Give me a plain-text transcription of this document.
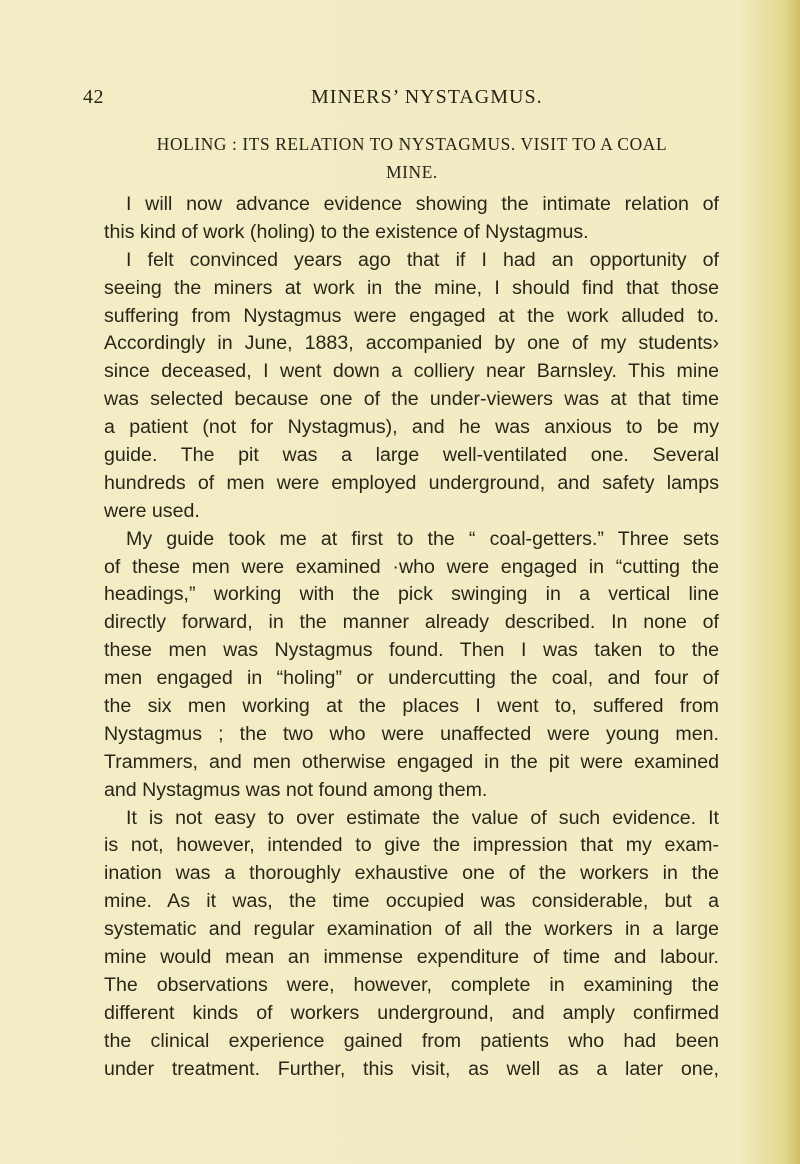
42	MINERS’ NYSTAGMUS.
HOLING : ITS RELATION TO NYSTAGMUS. VISIT TO A COAL
MINE.
I will now advance evidence showing the intimate relation of
this kind of work (holing) to the existence of Nystagmus.
I felt convinced years ago that if I had an opportunity of
seeing the miners at work in the mine, I should find that those
suffering from Nystagmus were engaged at the work alluded to.
Accordingly in June, 1883, accompanied by one of my students›
since deceased, I went down a colliery near Barnsley. This mine
was selected because one of the under-viewers was at that time
a patient (not for Nystagmus), and he was anxious to be my
guide. The pit was a large well-ventilated one. Several
hundreds of men were employed underground, and safety lamps
were used.
My guide took me at first to the “ coal-getters.” Three sets
of these men were examined ·who were engaged in “cutting the
headings,” working with the pick swinging in a vertical line
directly forward, in the manner already described. In none of
these men was Nystagmus found. Then I was taken to the
men engaged in “holing” or undercutting the coal, and four of
the six men working at the places I went to, suffered from
Nystagmus ; the two who were unaffected were young men.
Trammers, and men otherwise engaged in the pit were examined
and Nystagmus was not found among them.
It is not easy to over estimate the value of such evidence. It
is not, however, intended to give the impression that my exam-
ination was a thoroughly exhaustive one of the workers in the
mine. As it was, the time occupied was considerable, but a
systematic and regular examination of all the workers in a large
mine would mean an immense expenditure of time and labour.
The observations were, however, complete in examining the
different kinds of workers underground, and amply confirmed
the clinical experience gained from patients who had been
under treatment. Further, this visit, as well as a later one,
